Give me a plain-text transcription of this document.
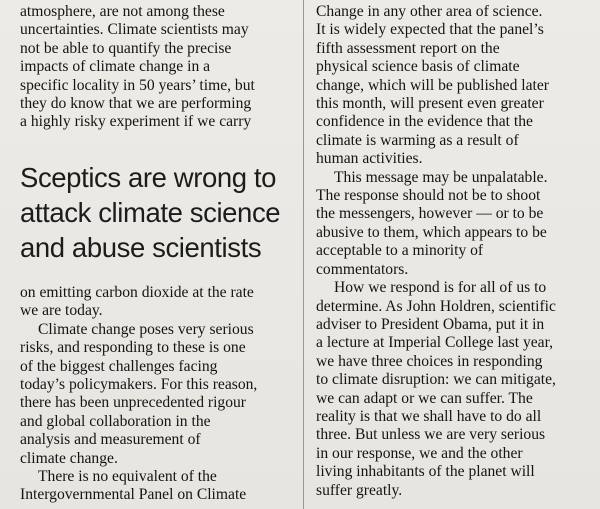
atmosphere, are not among these
uncertainties. Climate scientists may
not be able to quantify the precise
impacts of climate change in a
specific locality in 50 years’ time, but
they do know that we are performing
a highly risky experiment if we carry
Sceptics are wrong to
attack climate science
and abuse scientists
on emitting carbon dioxide at the rate
we are today.
Climate change poses very serious
risks, and responding to these is one
of the biggest challenges facing
today’s policymakers. For this reason,
there has been unprecedented rigour
and global collaboration in the
analysis and measurement of
climate change.
There is no equivalent of the
Intergovernmental Panel on Climate
Change in any other area of science.
It is widely expected that the panel’s
fifth assessment report on the
physical science basis of climate
change, which will be published later
this month, will present even greater
confidence in the evidence that the
climate is warming as a result of
human activities.
This message may be unpalatable.
The response should not be to shoot
the messengers, however — or to be
abusive to them, which appears to be
acceptable to a minority of
commentators.
How we respond is for all of us to
determine. As John Holdren, scientific
adviser to President Obama, put it in
a lecture at Imperial College last year,
we have three choices in responding
to climate disruption: we can mitigate,
we can adapt or we can suffer. The
reality is that we shall have to do all
three. But unless we are very serious
in our response, we and the other
living inhabitants of the planet will
suffer greatly.
